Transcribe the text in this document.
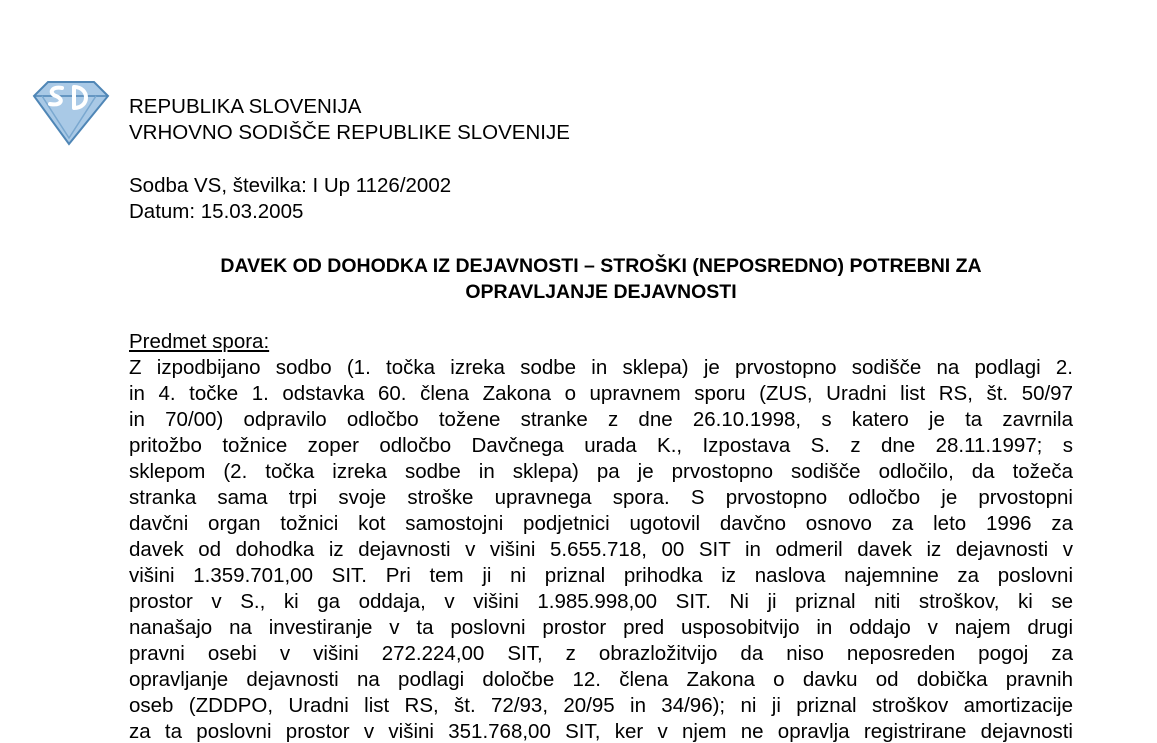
REPUBLIKA SLOVENIJA
VRHOVNO SODIŠČE REPUBLIKE SLOVENIJE
Sodba VS, številka: I Up 1126/2002
Datum: 15.03.2005
DAVEK OD DOHODKA IZ DEJAVNOSTI – STROŠKI (NEPOSREDNO) POTREBNI ZA
OPRAVLJANJE DEJAVNOSTI
Predmet spora:
Z izpodbijano sodbo (1. točka izreka sodbe in sklepa) je prvostopno sodišče na podlagi 2.
in 4. točke 1. odstavka 60. člena Zakona o upravnem sporu (ZUS, Uradni list RS, št. 50/97
in 70/00) odpravilo odločbo tožene stranke z dne 26.10.1998, s katero je ta zavrnila
pritožbo tožnice zoper odločbo Davčnega urada K., Izpostava S. z dne 28.11.1997; s
sklepom (2. točka izreka sodbe in sklepa) pa je prvostopno sodišče odločilo, da tožeča
stranka sama trpi svoje stroške upravnega spora. S prvostopno odločbo je prvostopni
davčni organ tožnici kot samostojni podjetnici ugotovil davčno osnovo za leto 1996 za
davek od dohodka iz dejavnosti v višini 5.655.718, 00 SIT in odmeril davek iz dejavnosti v
višini 1.359.701,00 SIT. Pri tem ji ni priznal prihodka iz naslova najemnine za poslovni
prostor v S., ki ga oddaja, v višini 1.985.998,00 SIT. Ni ji priznal niti stroškov, ki se
nanašajo na investiranje v ta poslovni prostor pred usposobitvijo in oddajo v najem drugi
pravni osebi v višini 272.224,00 SIT, z obrazložitvijo da niso neposreden pogoj za
opravljanje dejavnosti na podlagi določbe 12. člena Zakona o davku od dobička pravnih
oseb (ZDDPO, Uradni list RS, št. 72/93, 20/95 in 34/96); ni ji priznal stroškov amortizacije
za ta poslovni prostor v višini 351.768,00 SIT, ker v njem ne opravlja registrirane dejavnosti
